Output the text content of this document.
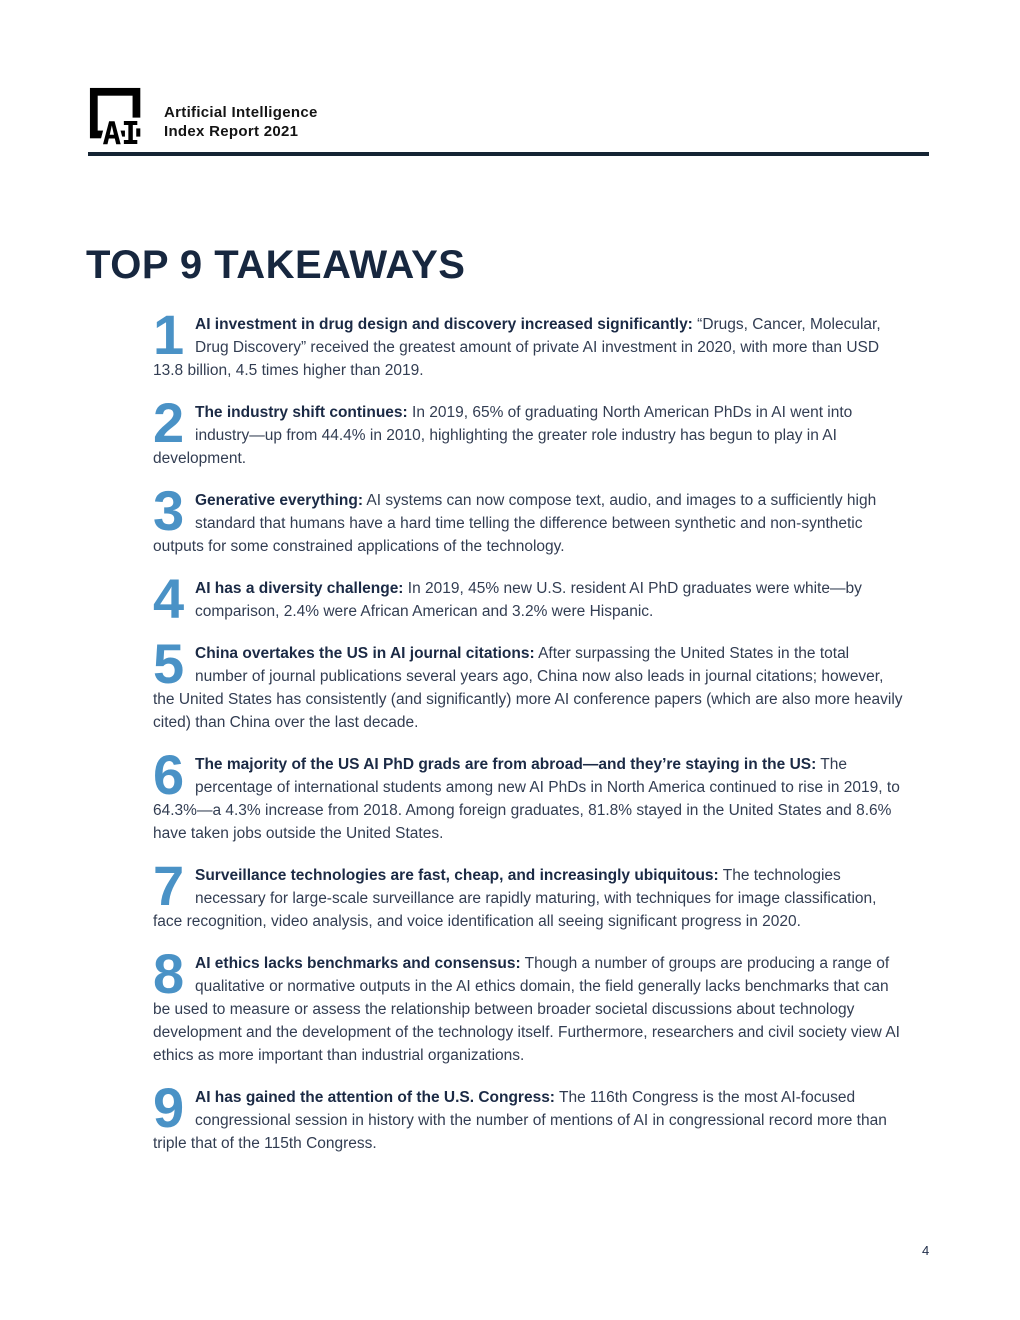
AI
Artificial Intelligence
Index Report 2021
TOP 9 TAKEAWAYS
1 AI investment in drug design and discovery increased significantly: “Drugs, Cancer, Molecular, Drug Discovery” received the greatest amount of private AI investment in 2020, with more than USD 13.8 billion, 4.5 times higher than 2019.

2 The industry shift continues: In 2019, 65% of graduating North American PhDs in AI went into industry—up from 44.4% in 2010, highlighting the greater role industry has begun to play in AI development.

3 Generative everything: AI systems can now compose text, audio, and images to a sufficiently high standard that humans have a hard time telling the difference between synthetic and non-synthetic outputs for some constrained applications of the technology.

4 AI has a diversity challenge: In 2019, 45% new U.S. resident AI PhD graduates were white—by comparison, 2.4% were African American and 3.2% were Hispanic.

5 China overtakes the US in AI journal citations: After surpassing the United States in the total number of journal publications several years ago, China now also leads in journal citations; however, the United States has consistently (and significantly) more AI conference papers (which are also more heavily cited) than China over the last decade.

6 The majority of the US AI PhD grads are from abroad—and they’re staying in the US: The percentage of international students among new AI PhDs in North America continued to rise in 2019, to 64.3%—a 4.3% increase from 2018. Among foreign graduates, 81.8% stayed in the United States and 8.6% have taken jobs outside the United States.

7 Surveillance technologies are fast, cheap, and increasingly ubiquitous: The technologies necessary for large-scale surveillance are rapidly maturing, with techniques for image classification, face recognition, video analysis, and voice identification all seeing significant progress in 2020.

8 AI ethics lacks benchmarks and consensus: Though a number of groups are producing a range of qualitative or normative outputs in the AI ethics domain, the field generally lacks benchmarks that can be used to measure or assess the relationship between broader societal discussions about technology development and the development of the technology itself. Furthermore, researchers and civil society view AI ethics as more important than industrial organizations.

9 AI has gained the attention of the U.S. Congress: The 116th Congress is the most AI-focused congressional session in history with the number of mentions of AI in congressional record more than triple that of the 115th Congress.

4
